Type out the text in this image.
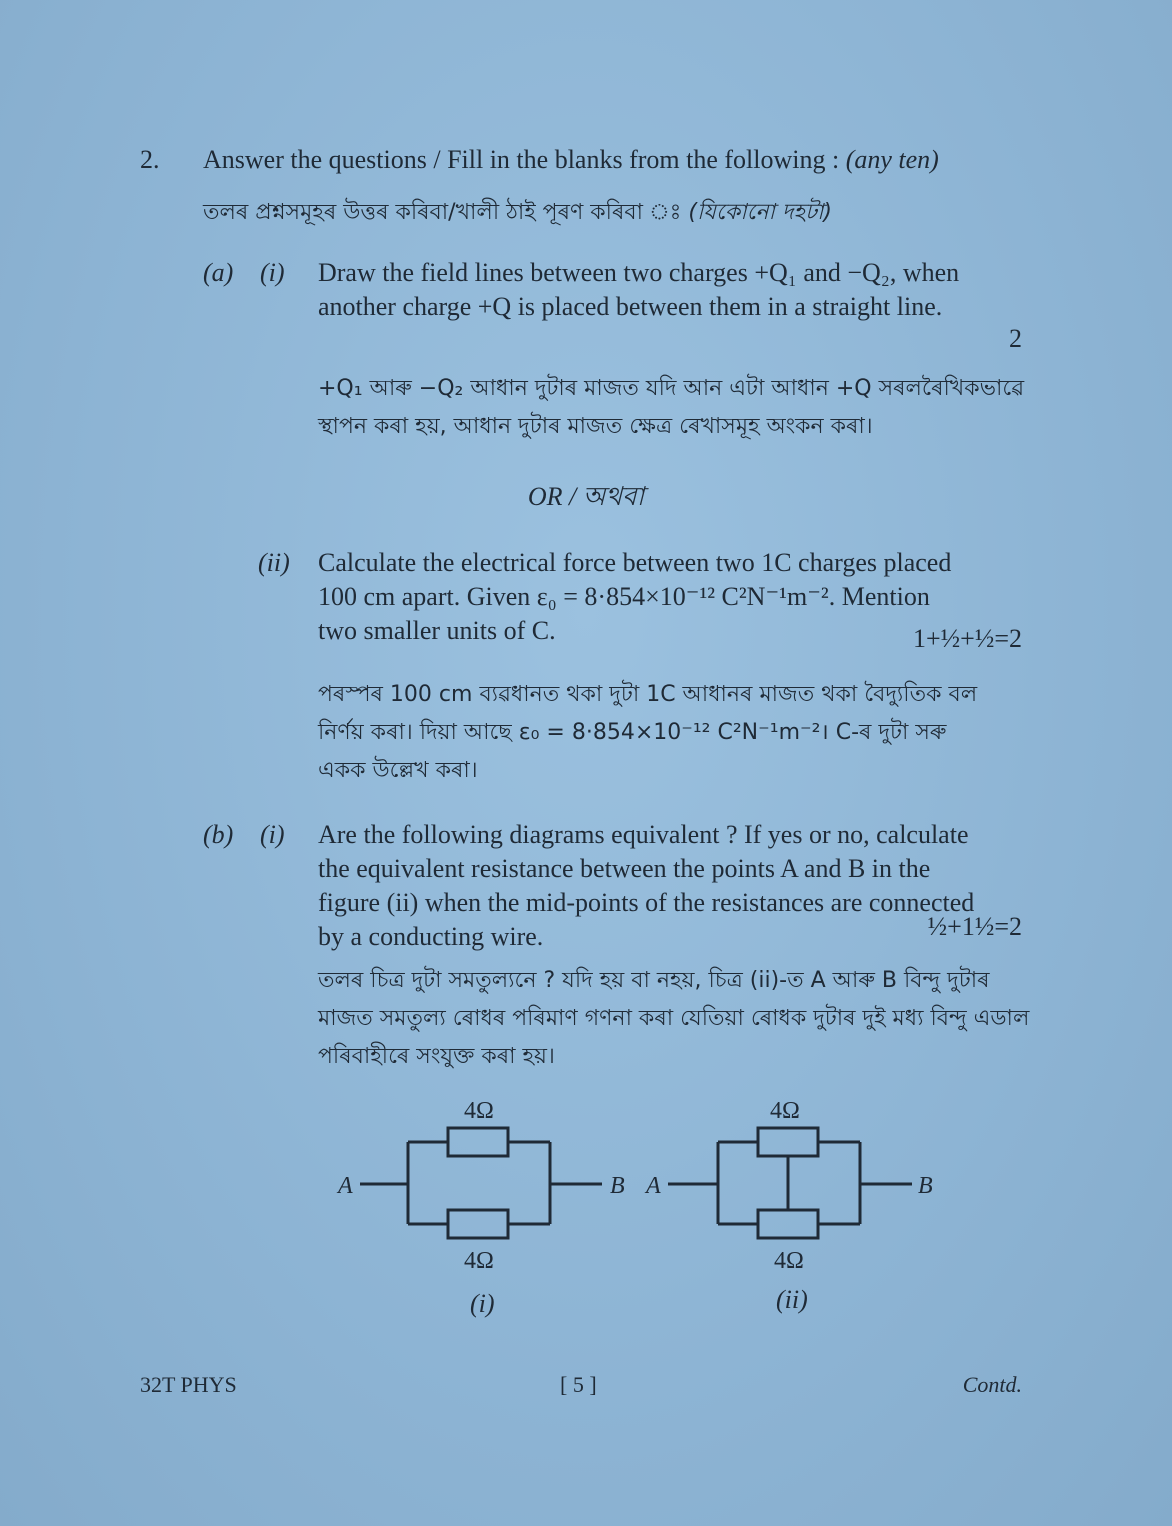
2. Answer the questions / Fill in the blanks from the following : (any ten)
তলৰ প্ৰশ্নসমূহৰ উত্তৰ কৰিবা/খালী ঠাই পূৰণ কৰিবা ঃ (যিকোনো দহটা)
(a) (i) Draw the field lines between two charges +Q₁ and −Q₂, when
another charge +Q is placed between them in a straight line.
2
+Q₁ আৰু −Q₂ আধান দুটাৰ মাজত যদি আন এটা আধান +Q সৰলৰৈখিকভাৱে
স্থাপন কৰা হয়, আধান দুটাৰ মাজত ক্ষেত্ৰ ৰেখাসমূহ অংকন কৰা।
OR / অথবা
(ii) Calculate the electrical force between two 1C charges placed
100 cm apart. Given ε₀ = 8·854×10⁻¹² C²N⁻¹m⁻². Mention
two smaller units of C.	1+½+½=2
পৰস্পৰ 100 cm ব্যৱধানত থকা দুটা 1C আধানৰ মাজত থকা বৈদ্যুতিক বল
নিৰ্ণয় কৰা। দিয়া আছে ε₀ = 8·854×10⁻¹² C²N⁻¹m⁻²। C-ৰ দুটা সৰু
একক উল্লেখ কৰা।
(b) (i) Are the following diagrams equivalent ? If yes or no, calculate
the equivalent resistance between the points A and B in the
figure (ii) when the mid-points of the resistances are connected
by a conducting wire.	½+1½=2
তলৰ চিত্ৰ দুটা সমতুল্যনে ? যদি হয় বা নহয়, চিত্ৰ (ii)-ত A আৰু B বিন্দু দুটাৰ
মাজত সমতুল্য ৰোধৰ পৰিমাণ গণনা কৰা যেতিয়া ৰোধক দুটাৰ দুই মধ্য বিন্দু এডাল
পৰিবাহীৰে সংযুক্ত কৰা হয়।
4Ω
4Ω
A	B
(i)
4Ω
4Ω
A	B
(ii)
32T PHYS	[ 5 ]	Contd.
